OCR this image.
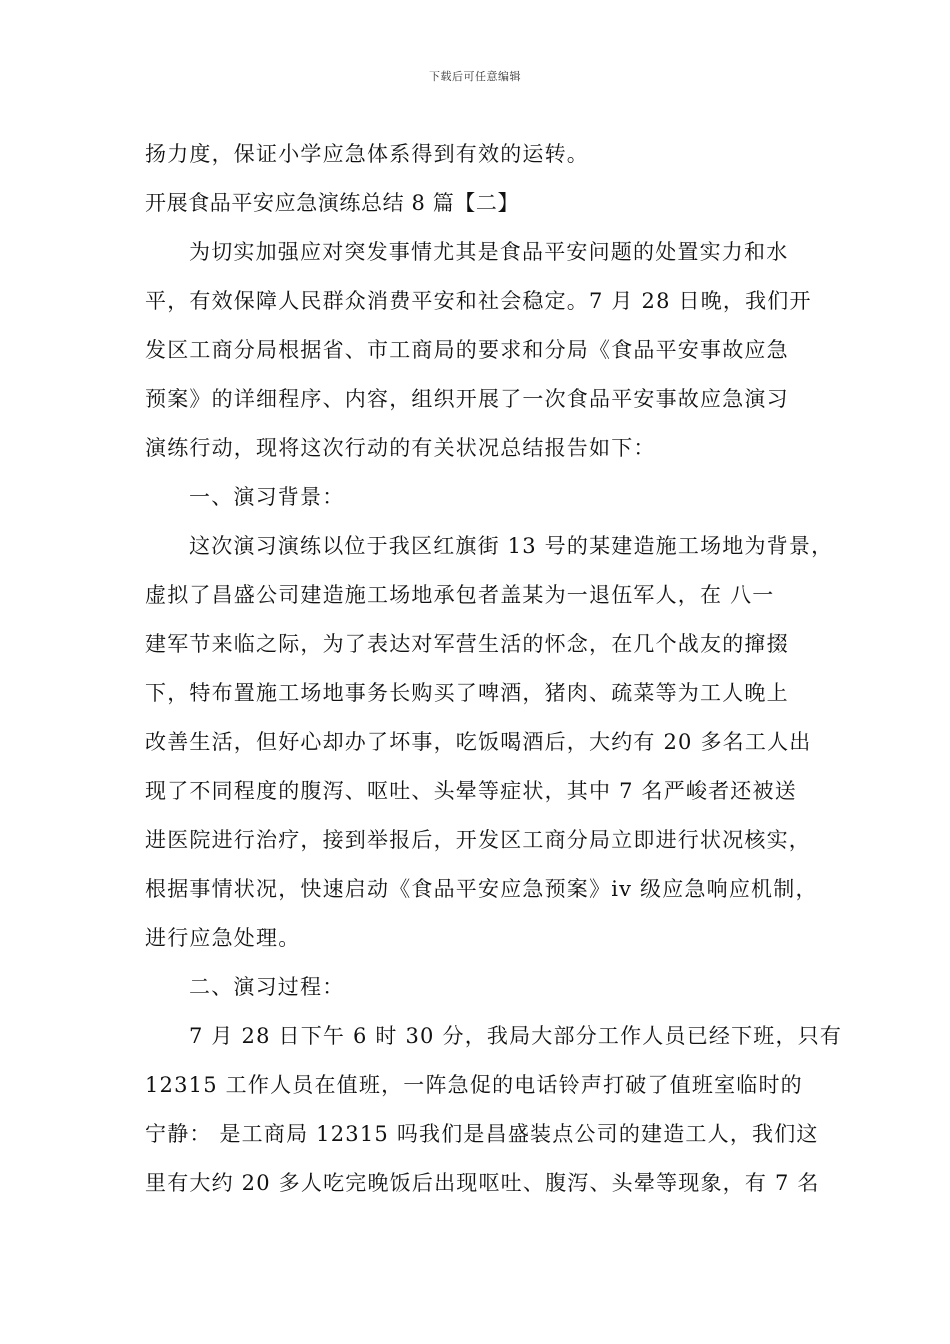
下载后可任意编辑
扬力度，保证小学应急体系得到有效的运转。
开展食品平安应急演练总结 8 篇【二】
为切实加强应对突发事情尤其是食品平安问题的处置实力和水
平，有效保障人民群众消费平安和社会稳定。7 月 28 日晚，我们开
发区工商分局根据省、市工商局的要求和分局《食品平安事故应急
预案》的详细程序、内容，组织开展了一次食品平安事故应急演习
演练行动，现将这次行动的有关状况总结报告如下：
一、演习背景：
这次演习演练以位于我区红旗街 13 号的某建造施工场地为背景，
虚拟了昌盛公司建造施工场地承包者盖某为一退伍军人，在 八一
建军节来临之际，为了表达对军营生活的怀念，在几个战友的撺掇
下，特布置施工场地事务长购买了啤酒，猪肉、疏菜等为工人晚上
改善生活，但好心却办了坏事，吃饭喝酒后，大约有 20 多名工人出
现了不同程度的腹泻、呕吐、头晕等症状，其中 7 名严峻者还被送
进医院进行治疗，接到举报后，开发区工商分局立即进行状况核实，
根据事情状况，快速启动《食品平安应急预案》iv 级应急响应机制，
进行应急处理。
二、演习过程：
7 月 28 日下午 6 时 30 分，我局大部分工作人员已经下班，只有
12315 工作人员在值班，一阵急促的电话铃声打破了值班室临时的
宁静： 是工商局 12315 吗我们是昌盛装点公司的建造工人，我们这
里有大约 20 多人吃完晚饭后出现呕吐、腹泻、头晕等现象，有 7 名
